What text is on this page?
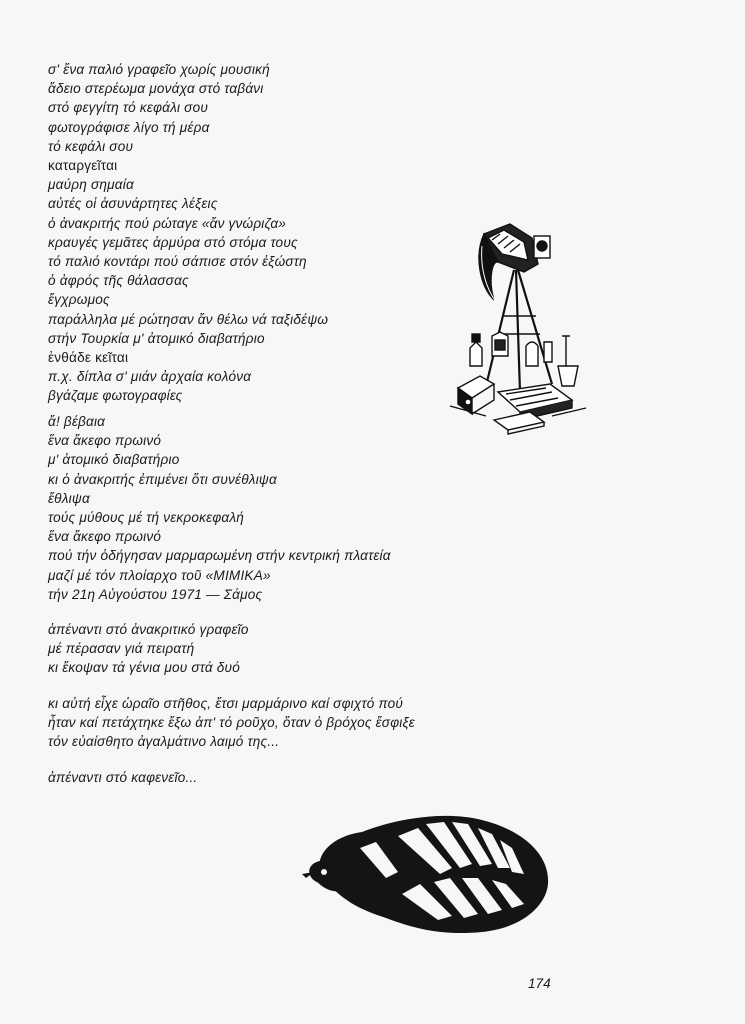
σ' ἕνα παλιό γραφεῖο χωρίς μουσική
ἄδειο στερέωμα μονάχα στό ταβάνι
στό φεγγίτη τό κεφάλι σου
φωτογράφισε λίγο τή μέρα
τό κεφάλι σου
καταργεῖται
μαύρη σημαία
αὐτές οἱ ἀσυνάρτητες λέξεις
ὁ ἀνακριτής πού ρώταγε «ἄν γνώριζα»
κραυγές γεμᾶτες ἁρμύρα στό στόμα τους
τό παλιό κοντάρι πού σάπισε στόν ἐξώστη
ὁ ἀφρός τῆς θάλασσας
ἔγχρωμος
παράλληλα μέ ρώτησαν ἄν θέλω νά ταξιδέψω
στήν Τουρκία μ' ἀτομικό διαβατήριο
ἐνθάδε κεῖται
π.χ. δίπλα σ' μιάν ἀρχαία κολόνα
βγάζαμε φωτογραφίες
ἄ! βέβαια
ἕνα ἄκεφο πρωινό
μ' ἀτομικό διαβατήριο
κι ὁ ἀνακριτής ἐπιμένει ὅτι συνέθλιψα
ἔθλιψα
τούς μύθους μέ τή νεκροκεφαλή
ἕνα ἄκεφο πρωινό
πού τήν ὁδήγησαν μαρμαρωμένη στήν κεντρική πλατεία
μαζί μέ τόν πλοίαρχο τοῦ «ΜΙΜΙΚΑ»
τήν 21η Αὐγούστου 1971 — Σάμος
ἀπέναντι στό ἀνακριτικό γραφεῖο
μέ πέρασαν γιά πειρατή
κι ἔκοψαν τά γένια μου στά δυό
κι αὐτή εἶχε ὡραῖο στῆθος, ἔτσι μαρμάρινο καί σφιχτό πού
ἦταν καί πετάχτηκε ἔξω ἀπ' τό ροῦχο, ὅταν ὁ βρόχος ἔσφιξε
τόν εὐαίσθητο ἀγαλμάτινο λαιμό της...
ἀπέναντι στό καφενεῖο...
174
